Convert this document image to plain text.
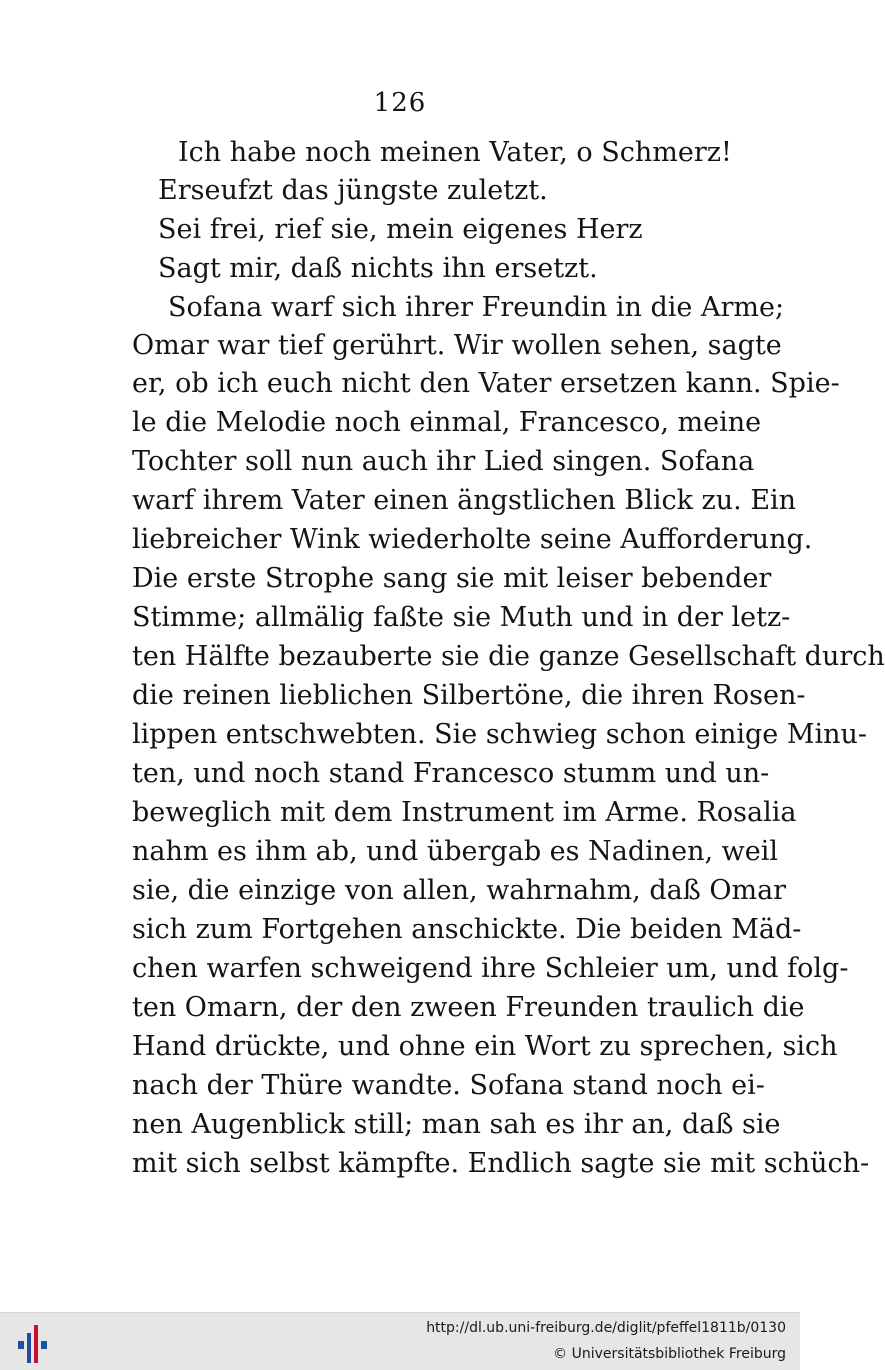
126
Ich habe noch meinen Vater, o Schmerz!
Erseufzt das jüngste zuletzt.
Sei frei, rief sie, mein eigenes Herz
Sagt mir, daß nichts ihn ersetzt.
Sofana warf sich ihrer Freundin in die Arme;
Omar war tief gerührt. Wir wollen sehen, sagte
er, ob ich euch nicht den Vater ersetzen kann. Spie-
le die Melodie noch einmal, Francesco, meine
Tochter soll nun auch ihr Lied singen. Sofana
warf ihrem Vater einen ängstlichen Blick zu. Ein
liebreicher Wink wiederholte seine Aufforderung.
Die erste Strophe sang sie mit leiser bebender
Stimme; allmälig faßte sie Muth und in der letz-
ten Hälfte bezauberte sie die ganze Gesellschaft durch
die reinen lieblichen Silbertöne, die ihren Rosen-
lippen entschwebten. Sie schwieg schon einige Minu-
ten, und noch stand Francesco stumm und un-
beweglich mit dem Instrument im Arme. Rosalia
nahm es ihm ab, und übergab es Nadinen, weil
sie, die einzige von allen, wahrnahm, daß Omar
sich zum Fortgehen anschickte. Die beiden Mäd-
chen warfen schweigend ihre Schleier um, und folg-
ten Omarn, der den zween Freunden traulich die
Hand drückte, und ohne ein Wort zu sprechen, sich
nach der Thüre wandte. Sofana stand noch ei-
nen Augenblick still; man sah es ihr an, daß sie
mit sich selbst kämpfte. Endlich sagte sie mit schüch-
http://dl.ub.uni-freiburg.de/diglit/pfeffel1811b/0130
© Universitätsbibliothek Freiburg
